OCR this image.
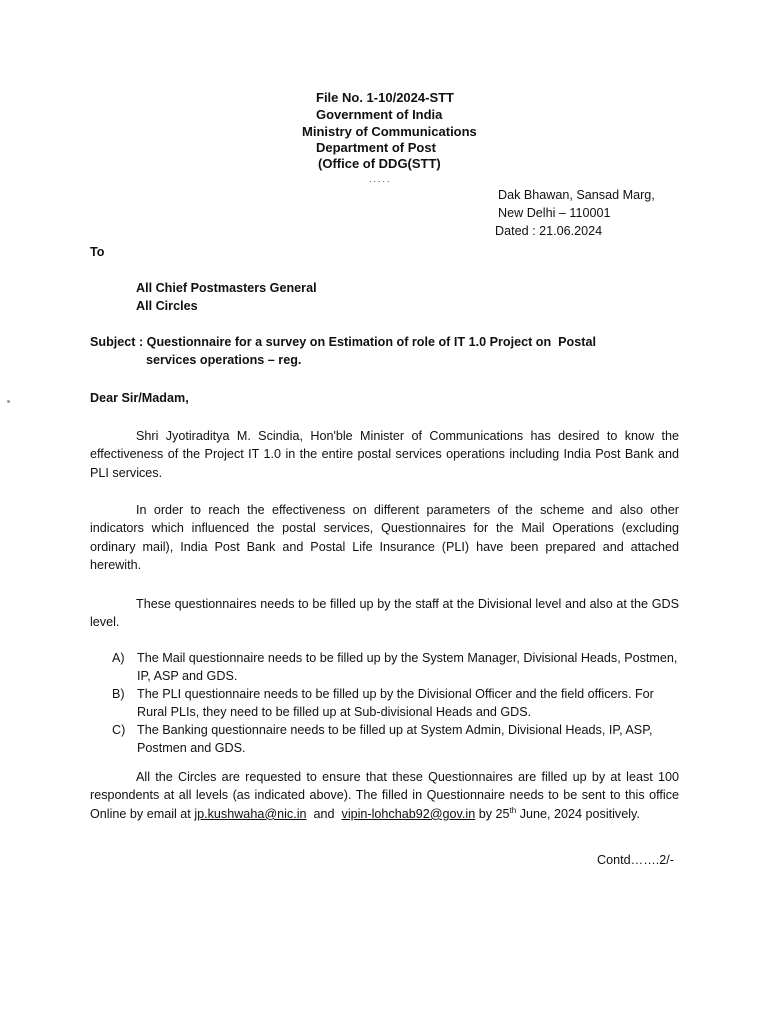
File No. 1-10/2024-STT
Government of India
Ministry of Communications
Department of Post
(Office of DDG(STT)
.....
Dak Bhawan, Sansad Marg,
New Delhi – 110001
Dated : 21.06.2024
To
All Chief Postmasters General
All Circles
Subject : Questionnaire for a survey on Estimation of role of IT 1.0 Project on  Postal
services operations – reg.
Dear Sir/Madam,
Shri Jyotiraditya M. Scindia, Hon'ble Minister of Communications has desired to know the effectiveness of the Project IT 1.0 in the entire postal services operations including India Post Bank and PLI services.
In order to reach the effectiveness on different parameters of the scheme and also other indicators which influenced the postal services, Questionnaires for the Mail Operations (excluding ordinary mail), India Post Bank and Postal Life Insurance (PLI) have been prepared and attached herewith.
These questionnaires needs to be filled up by the staff at the Divisional level and also at the GDS level.
A) The Mail questionnaire needs to be filled up by the System Manager, Divisional Heads, Postmen, IP, ASP and GDS.
B) The PLI questionnaire needs to be filled up by the Divisional Officer and the field officers. For Rural PLIs, they need to be filled up at Sub-divisional Heads and GDS.
C) The Banking questionnaire needs to be filled up at System Admin, Divisional Heads, IP, ASP, Postmen and GDS.
All the Circles are requested to ensure that these Questionnaires are filled up by at least 100 respondents at all levels (as indicated above). The filled in Questionnaire needs to be sent to this office Online by email at jp.kushwaha@nic.in  and  vipin-lohchab92@gov.in by 25th June, 2024 positively.
Contd…….2/-
